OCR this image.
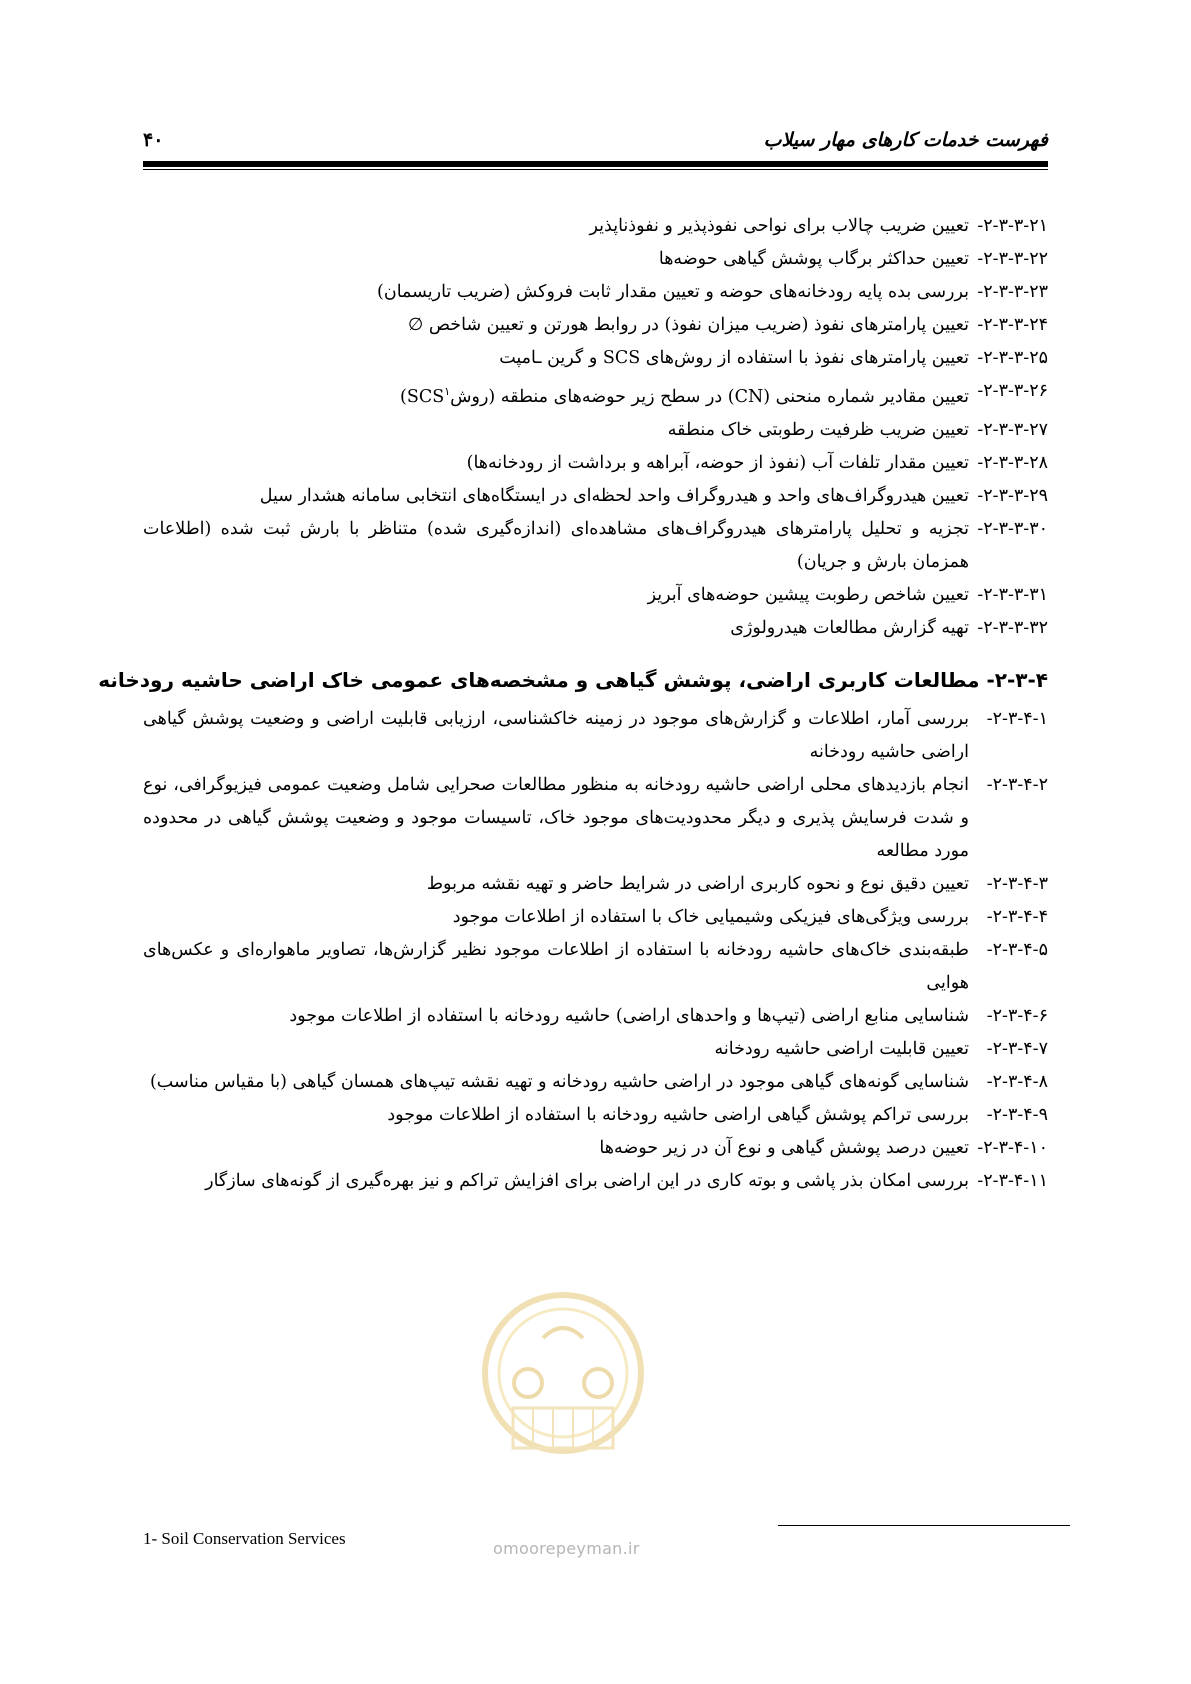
فهرست خدمات کارهای مهار سیلاب
۴۰
۲-۳-۳-۲۱-
تعیین ضریب چالاب برای نواحی نفوذپذیر و نفوذناپذیر
۲-۳-۳-۲۲-
تعیین حداکثر برگاب پوشش گیاهی حوضه‌ها
۲-۳-۳-۲۳-
بررسی بده پایه رودخانه‌های حوضه و تعیین مقدار ثابت فروکش (ضریب تاریسمان)
۲-۳-۳-۲۴-
تعیین پارامترهای نفوذ (ضریب میزان نفوذ) در روابط هورتن و تعیین شاخص ∅
۲-۳-۳-۲۵-
تعیین پارامترهای نفوذ با استفاده از روش‌های SCS و گرین ـامپت
۲-۳-۳-۲۶-
تعیین مقادیر شماره منحنی (CN) در سطح زیر حوضه‌های منطقه (روشSCS$^۱$)
۲-۳-۳-۲۷-
تعیین ضریب ظرفیت رطوبتی خاک منطقه
۲-۳-۳-۲۸-
تعیین مقدار تلفات آب (نفوذ از حوضه، آبراهه و برداشت از رودخانه‌ها)
۲-۳-۳-۲۹-
تعیین هیدروگراف‌های واحد و هیدروگراف واحد لحظه‌ای در ایستگاه‌های انتخابی سامانه هشدار سیل
۲-۳-۳-۳۰-
تجزیه و تحلیل پارامترهای هیدروگراف‌های مشاهده‌ای (اندازه‌گیری شده) متناظر با بارش ثبت شده (اطلاعات همزمان بارش و جریان)
۲-۳-۳-۳۱-
تعیین شاخص رطوبت پیشین حوضه‌های آبریز
۲-۳-۳-۳۲-
تهیه گزارش مطالعات هیدرولوژی
۲-۳-۴- مطالعات کاربری اراضی، پوشش گیاهی و مشخصه‌های عمومی خاک اراضی حاشیه رودخانه
۲-۳-۴-۱-
بررسی آمار، اطلاعات و گزارش‌های موجود در زمینه خاکشناسی، ارزیابی قابلیت اراضی و وضعیت پوشش گیاهی اراضی حاشیه رودخانه
۲-۳-۴-۲-
انجام بازدیدهای محلی اراضی حاشیه رودخانه به منظور مطالعات صحرایی شامل وضعیت عمومی فیزیوگرافی، نوع و شدت فرسایش پذیری و دیگر محدودیت‌های موجود خاک، تاسیسات موجود و وضعیت پوشش گیاهی در محدوده مورد مطالعه
۲-۳-۴-۳-
تعیین دقیق نوع و نحوه کاربری اراضی در شرایط حاضر و تهیه نقشه مربوط
۲-۳-۴-۴-
بررسی ویژگی‌های فیزیکی وشیمیایی خاک با استفاده از اطلاعات موجود
۲-۳-۴-۵-
طبقه‌بندی خاک‌های حاشیه رودخانه با استفاده از اطلاعات موجود نظیر گزارش‌ها، تصاویر ماهواره‌ای و عکس‌های هوایی
۲-۳-۴-۶-
شناسایی منابع اراضی (تیپ‌ها و واحدهای اراضی) حاشیه رودخانه با استفاده از اطلاعات موجود
۲-۳-۴-۷-
تعیین قابلیت اراضی حاشیه رودخانه
۲-۳-۴-۸-
شناسایی گونه‌های گیاهی موجود در اراضی حاشیه رودخانه و تهیه نقشه تیپ‌های همسان گیاهی (با مقیاس مناسب)
۲-۳-۴-۹-
بررسی تراکم پوشش گیاهی اراضی حاشیه رودخانه با استفاده از اطلاعات موجود
۲-۳-۴-۱۰-
تعیین درصد پوشش گیاهی و نوع آن در زیر حوضه‌ها
۲-۳-۴-۱۱-
بررسی امکان بذر پاشی و بوته کاری در این اراضی برای افزایش تراکم و نیز بهره‌گیری از گونه‌های سازگار
1- Soil Conservation Services
omoorepeyman.ir
